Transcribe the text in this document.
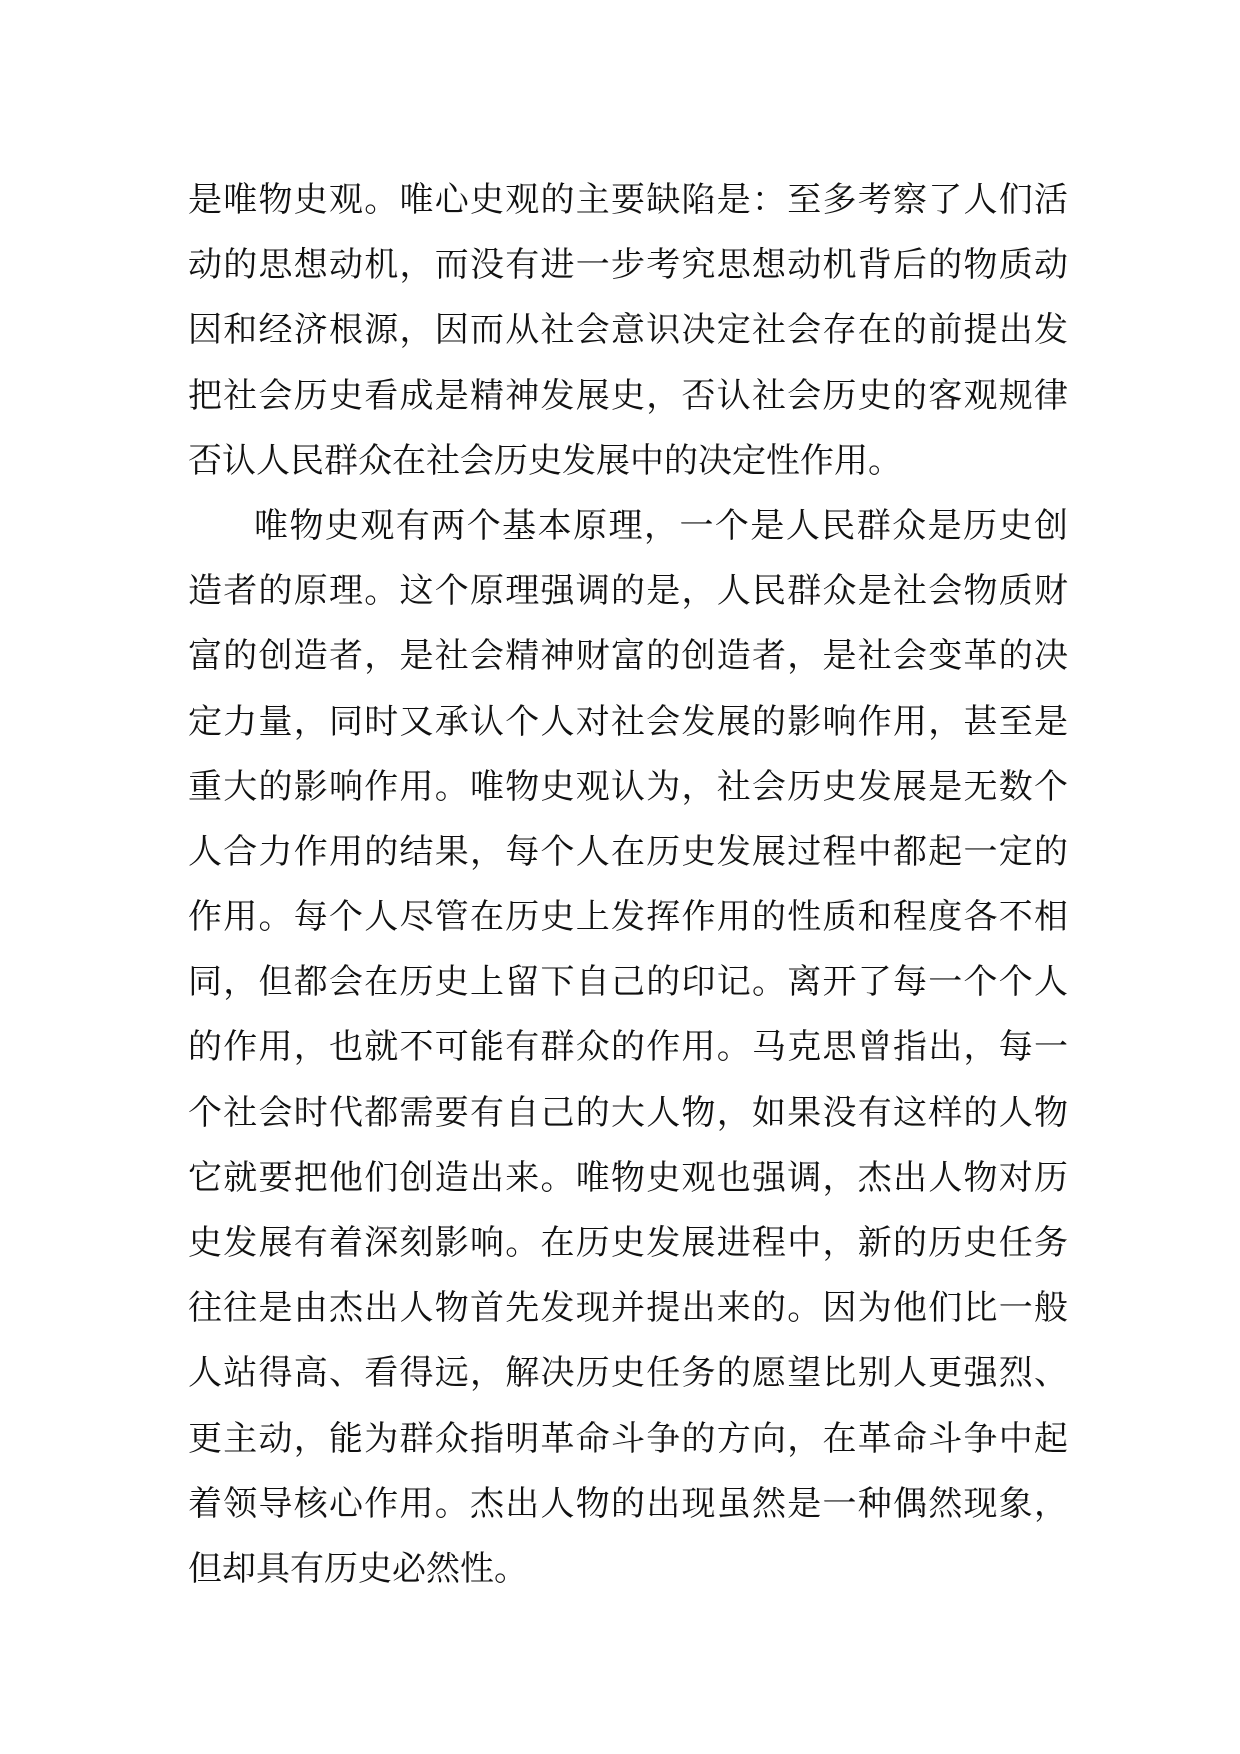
是唯物史观。唯心史观的主要缺陷是：至多考察了人们活
动的思想动机，而没有进一步考究思想动机背后的物质动
因和经济根源，因而从社会意识决定社会存在的前提出发
把社会历史看成是精神发展史，否认社会历史的客观规律
否认人民群众在社会历史发展中的决定性作用。
唯物史观有两个基本原理，一个是人民群众是历史创
造者的原理。这个原理强调的是，人民群众是社会物质财
富的创造者，是社会精神财富的创造者，是社会变革的决
定力量，同时又承认个人对社会发展的影响作用，甚至是
重大的影响作用。唯物史观认为，社会历史发展是无数个
人合力作用的结果，每个人在历史发展过程中都起一定的
作用。每个人尽管在历史上发挥作用的性质和程度各不相
同，但都会在历史上留下自己的印记。离开了每一个个人
的作用，也就不可能有群众的作用。马克思曾指出，每一
个社会时代都需要有自己的大人物，如果没有这样的人物
它就要把他们创造出来。唯物史观也强调，杰出人物对历
史发展有着深刻影响。在历史发展进程中，新的历史任务
往往是由杰出人物首先发现并提出来的。因为他们比一般
人站得高、看得远，解决历史任务的愿望比别人更强烈、
更主动，能为群众指明革命斗争的方向，在革命斗争中起
着领导核心作用。杰出人物的出现虽然是一种偶然现象，
但却具有历史必然性。
